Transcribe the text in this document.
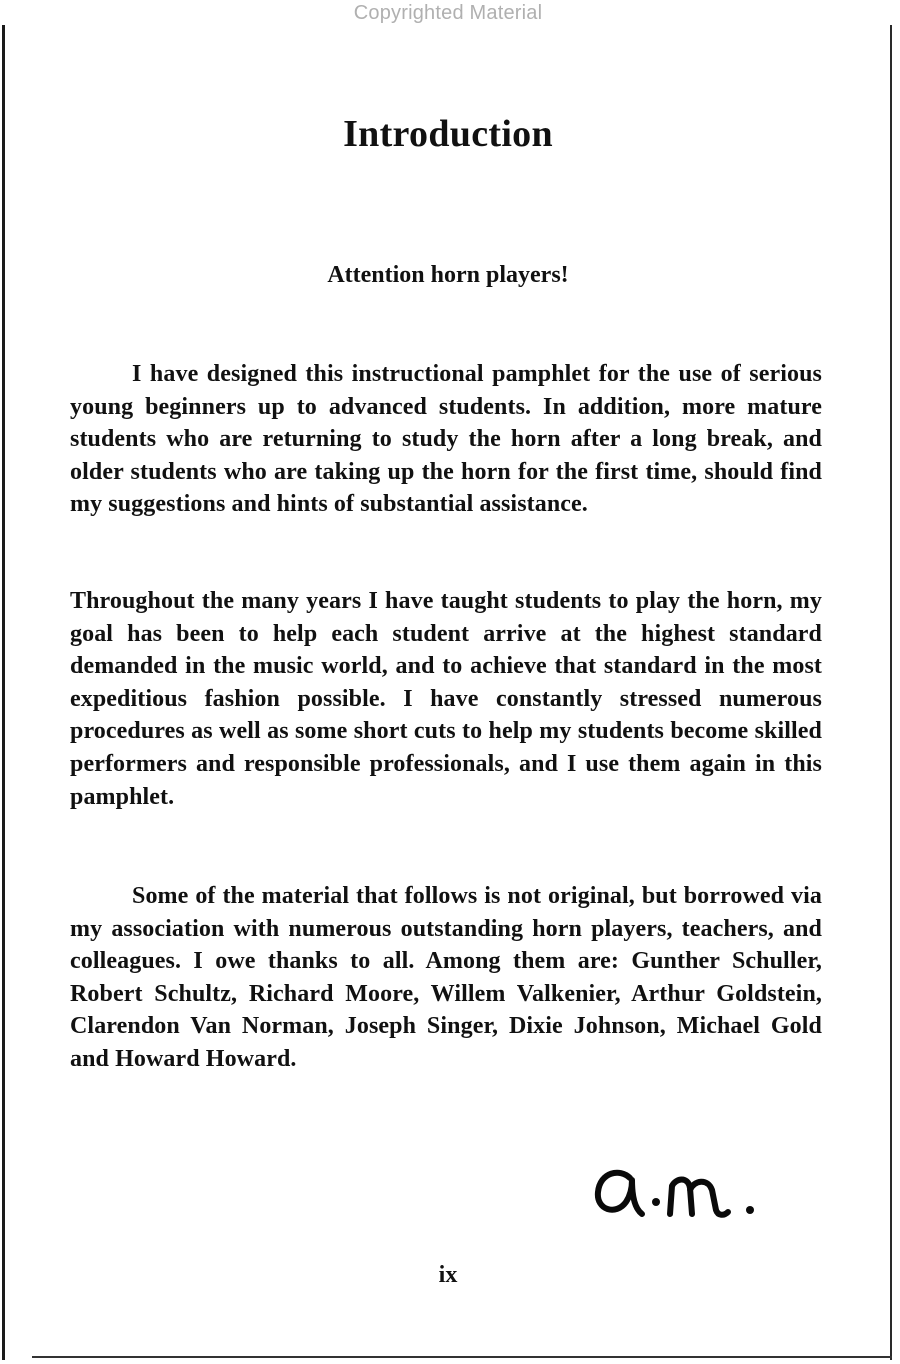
Copyrighted Material
Introduction
Attention horn players!

I have designed this instructional pamphlet for the use of serious young beginners up to advanced students. In addition, more mature students who are returning to study the horn after a long break, and older students who are taking up the horn for the first time, should find my suggestions and hints of substantial assistance.

Throughout the many years I have taught students to play the horn, my goal has been to help each student arrive at the highest standard demanded in the music world, and to achieve that standard in the most expeditious fashion possible. I have constantly stressed numerous procedures as well as some short cuts to help my students become skilled performers and responsible professionals, and I use them again in this pamphlet.

Some of the material that follows is not original, but borrowed via my association with numerous outstanding horn players, teachers, and colleagues. I owe thanks to all. Among them are: Gunther Schuller, Robert Schultz, Richard Moore, Willem Valkenier, Arthur Goldstein, Clarendon Van Norman, Joseph Singer, Dixie Johnson, Michael Gold and Howard Howard.

ix
